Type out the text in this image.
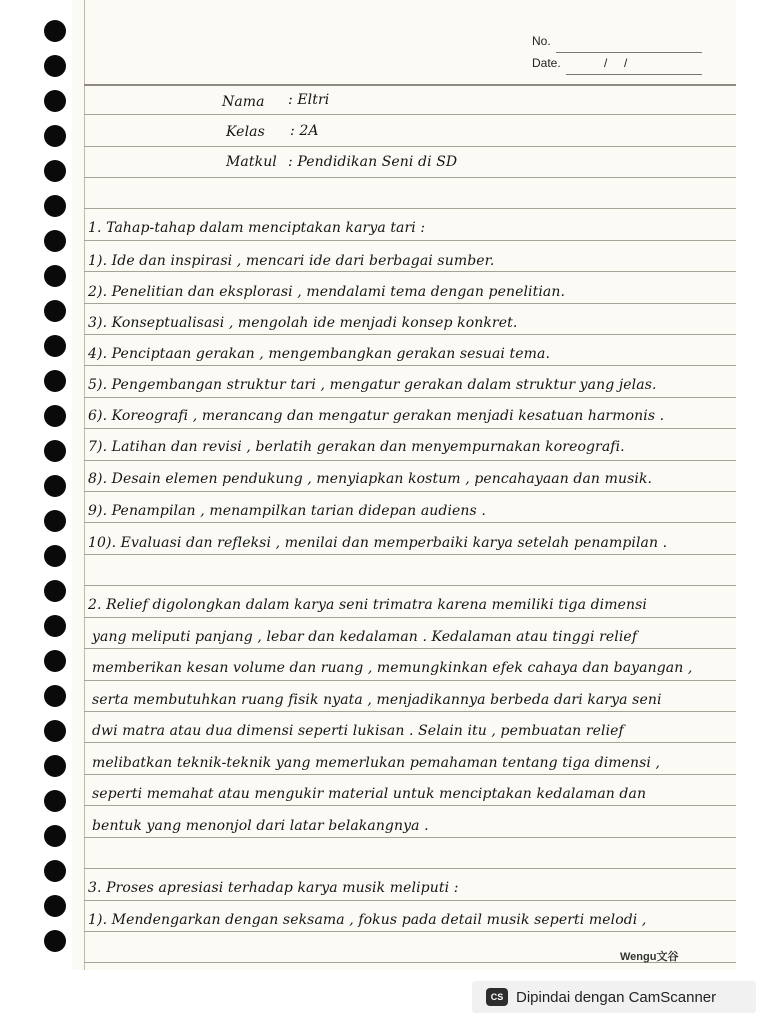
No.
Date.	/     /
Nama : Eltri
Kelas : 2A
Matkul : Pendidikan Seni di SD
1. Tahap-tahap dalam menciptakan karya tari :
1). Ide dan inspirasi , mencari ide dari berbagai sumber.
2). Penelitian dan eksplorasi , mendalami tema dengan penelitian.
3). Konseptualisasi , mengolah ide menjadi konsep konkret.
4). Penciptaan gerakan , mengembangkan gerakan sesuai tema.
5). Pengembangan struktur tari , mengatur gerakan dalam struktur yang jelas.
6). Koreografi , merancang dan mengatur gerakan menjadi kesatuan harmonis .
7). Latihan dan revisi , berlatih gerakan dan menyempurnakan koreografi.
8). Desain elemen pendukung , menyiapkan kostum , pencahayaan dan musik.
9). Penampilan , menampilkan tarian didepan audiens .
10). Evaluasi dan refleksi , menilai dan memperbaiki karya setelah penampilan .
2. Relief digolongkan dalam karya seni trimatra karena memiliki tiga dimensi
yang meliputi panjang , lebar dan kedalaman . Kedalaman atau tinggi relief
memberikan kesan volume dan ruang , memungkinkan efek cahaya dan bayangan ,
serta membutuhkan ruang fisik nyata , menjadikannya berbeda dari karya seni
dwi matra atau dua dimensi seperti lukisan . Selain itu , pembuatan relief
melibatkan teknik-teknik yang memerlukan pemahaman tentang tiga dimensi ,
seperti memahat atau mengukir material untuk menciptakan kedalaman dan
bentuk yang menonjol dari latar belakangnya .
3. Proses apresiasi terhadap karya musik meliputi :
1). Mendengarkan dengan seksama , fokus pada detail musik seperti melodi ,
Wengu文谷
CS Dipindai dengan CamScanner
